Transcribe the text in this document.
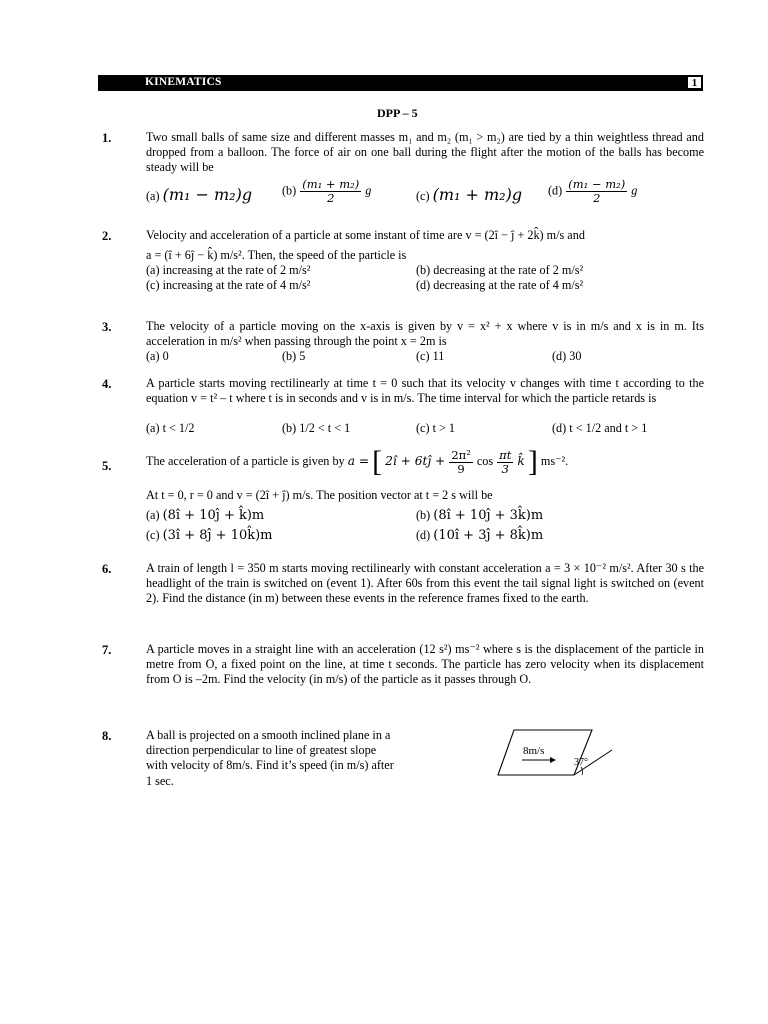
KINEMATICS	1
DPP – 5
1.	Two small balls of same size and different masses m₁ and m₂ (m₁ > m₂) are tied by a thin weightless thread and dropped from a balloon. The force of air on one ball during the flight after the motion of the balls has become steady will be
(a) (m₁ − m₂)g $(b) \frac{\text{(m₁ + m₂)}}{2}$ g	(c) (m₁ + m₂)g $(d) \frac{\text{(m₁ − m₂)}}{2}$ g
2.	Velocity and acceleration of a particle at some instant of time are v = (2î − ĵ + 2k̂) m/s and
a = (î + 6ĵ − k̂) m/s². Then, the speed of the particle is
(a) increasing at the rate of 2 m/s²	(b) decreasing at the rate of 2 m/s²
(c) increasing at the rate of 4 m/s²	(d) decreasing at the rate of 4 m/s²
3.	The velocity of a particle moving on the x-axis is given by v = x² + x where v is in m/s and x is in m. Its acceleration in m/s² when passing through the point x = 2m is
(a) 0	(b) 5	(c) 11	(d) 30
4.	A particle starts moving rectilinearly at time t = 0 such that its velocity v changes with time t according to the equation v = t² – t where t is in seconds and v is in m/s. The time interval for which the particle retards is
(a) t < 1/2	(b) 1/2 < t < 1	(c) t > 1	(d) t < 1/2 and t > 1
5.	The acceleration of a particle is given by a = [ 2î + 6tĵ + $\frac{\text{2π²}}{9}$ $\cos \frac{\pi t}{3}$ k̂ ] ms⁻².
At t = 0, r = 0 and v = (2î + ĵ) m/s. The position vector at t = 2 s will be
(a) (8î + 10ĵ + k̂)m	(b) (8î + 10ĵ + 3k̂)m
(c) (3î + 8ĵ + 10k̂)m	(d) (10î + 3ĵ + 8k̂)m
6.	A train of length l = 350 m starts moving rectilinearly with constant acceleration a = 3 × 10⁻² m/s². After 30 s the headlight of the train is switched on (event 1). After 60s from this event the tail signal light is switched on (event 2). Find the distance (in m) between these events in the reference frames fixed to the earth.
7.	A particle moves in a straight line with an acceleration (12 s²) ms⁻² where s is the displacement of the particle in metre from O, a fixed point on the line, at time t seconds. The particle has zero velocity when its displacement from O is –2m. Find the velocity (in m/s) of the particle as it passes through O.
8.	A ball is projected on a smooth inclined plane in a direction perpendicular to line of greatest slope with velocity of 8m/s. Find it’s speed (in m/s) after 1 sec.
8m/s
37°
